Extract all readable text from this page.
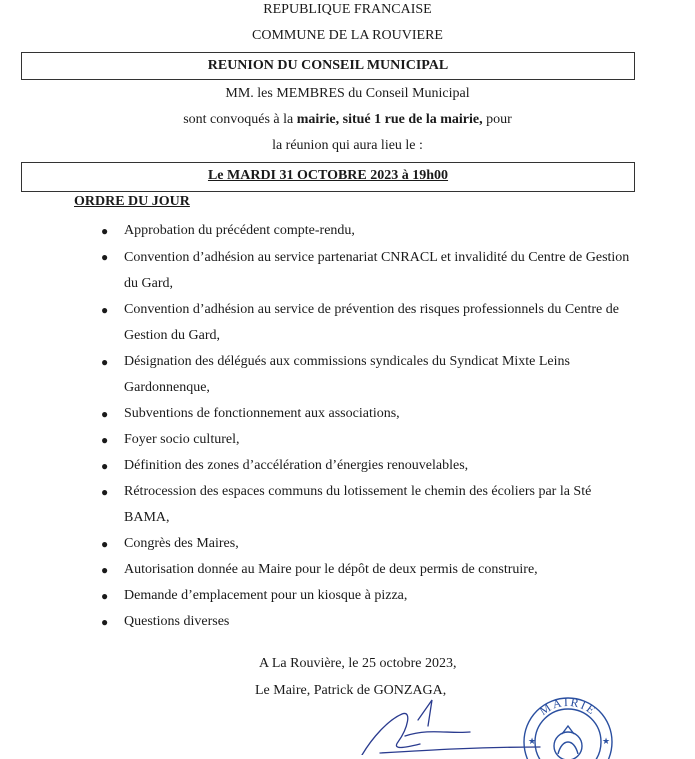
REPUBLIQUE FRANCAISE
COMMUNE DE LA ROUVIERE
REUNION DU CONSEIL MUNICIPAL
MM. les MEMBRES du Conseil Municipal
sont convoqués à la mairie, situé 1 rue de la mairie, pour
la réunion qui aura lieu le :
Le MARDI 31 OCTOBRE 2023 à 19h00
ORDRE DU JOUR
● Approbation du précédent compte-rendu,
● Convention d’adhésion au service partenariat CNRACL et invalidité du Centre de Gestion du Gard,
● Convention d’adhésion au service de prévention des risques professionnels du Centre de Gestion du Gard,
● Désignation des délégués aux commissions syndicales du Syndicat Mixte Leins Gardonnenque,
● Subventions de fonctionnement aux associations,
● Foyer socio culturel,
● Définition des zones d’accélération d’énergies renouvelables,
● Rétrocession des espaces communs du lotissement le chemin des écoliers par la Sté BAMA,
● Congrès des Maires,
● Autorisation donnée au Maire pour le dépôt de deux permis de construire,
● Demande d’emplacement pour un kiosque à pizza,
● Questions diverses
A La Rouvière, le 25 octobre 2023,
Le Maire, Patrick de GONZAGA,
MAIRIE
★	★
